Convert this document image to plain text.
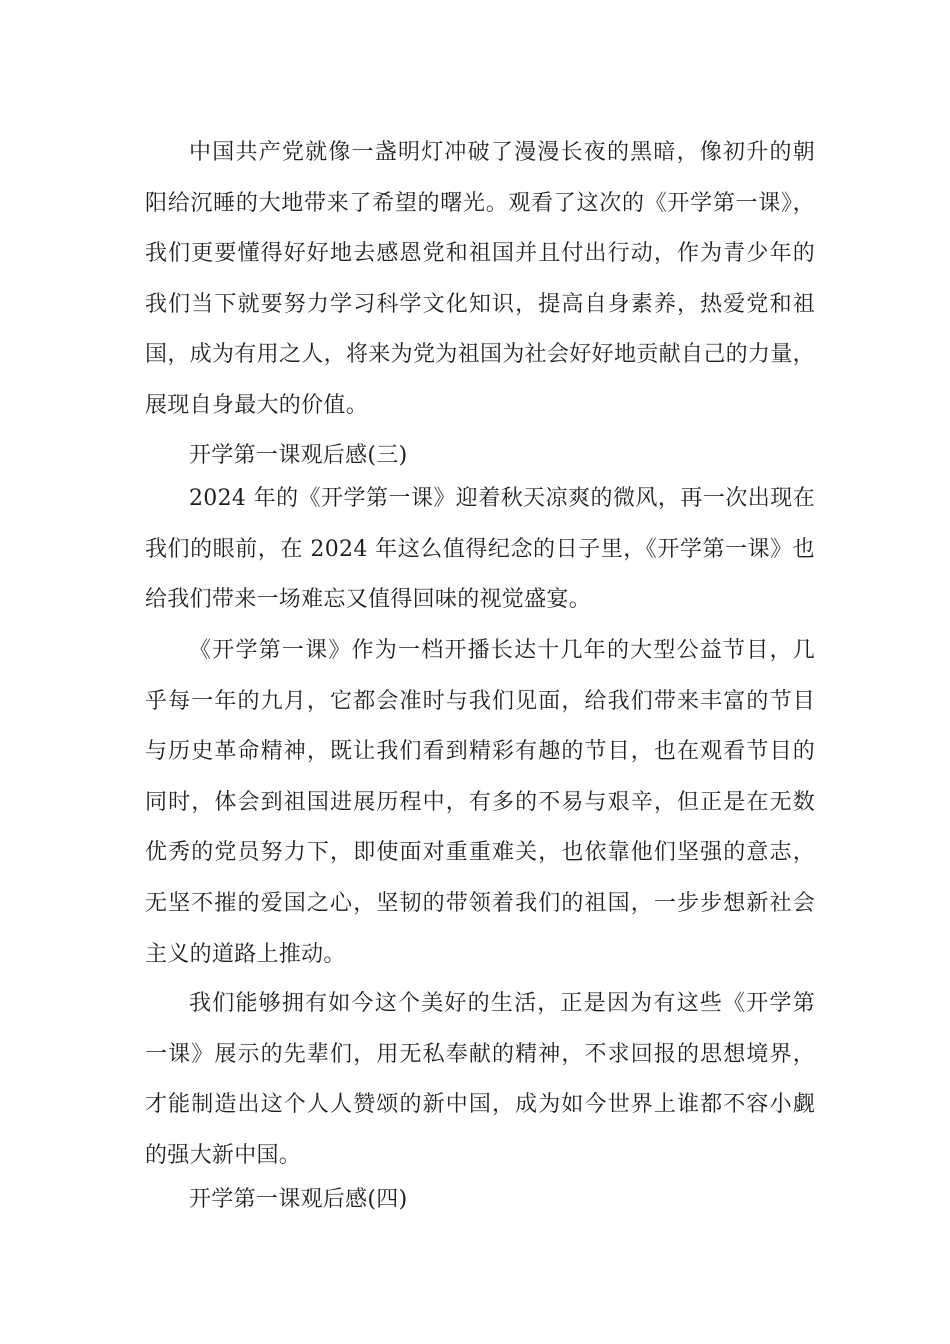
中国共产党就像一盏明灯冲破了漫漫长夜的黑暗，像初升的朝
阳给沉睡的大地带来了希望的曙光。观看了这次的《开学第一课》，
我们更要懂得好好地去感恩党和祖国并且付出行动，作为青少年的
我们当下就要努力学习科学文化知识，提高自身素养，热爱党和祖
国，成为有用之人，将来为党为祖国为社会好好地贡献自己的力量，
展现自身最大的价值。
开学第一课观后感(三)
2024 年的《开学第一课》迎着秋天凉爽的微风，再一次出现在
我们的眼前，在 2024 年这么值得纪念的日子里，《开学第一课》也
给我们带来一场难忘又值得回味的视觉盛宴。
《开学第一课》作为一档开播长达十几年的大型公益节目，几
乎每一年的九月，它都会准时与我们见面，给我们带来丰富的节目
与历史革命精神，既让我们看到精彩有趣的节目，也在观看节目的
同时，体会到祖国进展历程中，有多的不易与艰辛，但正是在无数
优秀的党员努力下，即使面对重重难关，也依靠他们坚强的意志，
无坚不摧的爱国之心，坚韧的带领着我们的祖国，一步步想新社会
主义的道路上推动。
我们能够拥有如今这个美好的生活，正是因为有这些《开学第
一课》展示的先辈们，用无私奉献的精神，不求回报的思想境界，
才能制造出这个人人赞颂的新中国，成为如今世界上谁都不容小觑
的强大新中国。
开学第一课观后感(四)
